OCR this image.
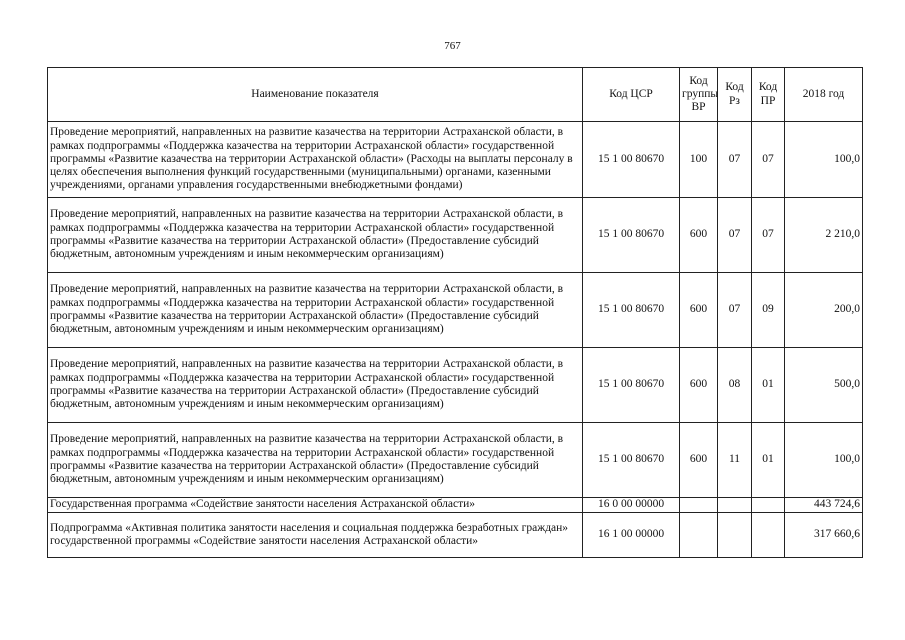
767
Наименование показателя	Код ЦСР	Код группы ВР	Код Рз	Код ПР	2018 год
Проведение мероприятий, направленных на развитие казачества на территории Астраханской области, в рамках подпрограммы «Поддержка казачества на территории Астраханской области» государственной программы «Развитие казачества на территории Астраханской области» (Расходы на выплаты персоналу в целях обеспечения выполнения функций государственными (муниципальными) органами, казенными учреждениями, органами управления государственными внебюджетными фондами)	15 1 00 80670	100	07	07	100,0
Проведение мероприятий, направленных на развитие казачества на территории Астраханской области, в рамках подпрограммы «Поддержка казачества на территории Астраханской области» государственной программы «Развитие казачества на территории Астраханской области» (Предоставление субсидий бюджетным, автономным учреждениям и иным некоммерческим организациям)	15 1 00 80670	600	07	07	2 210,0
Проведение мероприятий, направленных на развитие казачества на территории Астраханской области, в рамках подпрограммы «Поддержка казачества на территории Астраханской области» государственной программы «Развитие казачества на территории Астраханской области» (Предоставление субсидий бюджетным, автономным учреждениям и иным некоммерческим организациям)	15 1 00 80670	600	07	09	200,0
Проведение мероприятий, направленных на развитие казачества на территории Астраханской области, в рамках подпрограммы «Поддержка казачества на территории Астраханской области» государственной программы «Развитие казачества на территории Астраханской области» (Предоставление субсидий бюджетным, автономным учреждениям и иным некоммерческим организациям)	15 1 00 80670	600	08	01	500,0
Проведение мероприятий, направленных на развитие казачества на территории Астраханской области, в рамках подпрограммы «Поддержка казачества на территории Астраханской области» государственной программы «Развитие казачества на территории Астраханской области» (Предоставление субсидий бюджетным, автономным учреждениям и иным некоммерческим организациям)	15 1 00 80670	600	11	01	100,0
Государственная программа «Содействие занятости населения Астраханской области»	16 0 00 00000				443 724,6
Подпрограмма «Активная политика занятости населения и социальная поддержка безработных граждан» государственной программы «Содействие занятости населения Астраханской области»	16 1 00 00000				317 660,6
